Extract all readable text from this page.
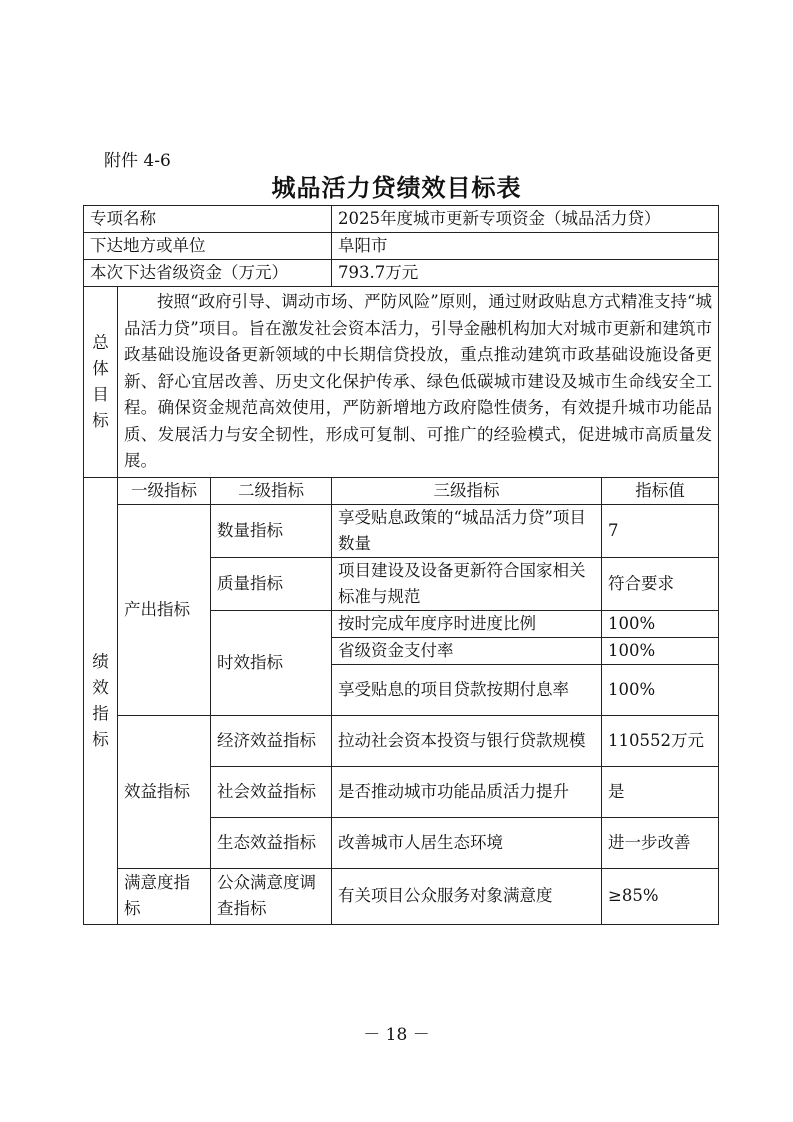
附件 4-6
城品活力贷绩效目标表
专项名称			2025年度城市更新专项资金（城品活力贷）	
下达地方或单位			阜阳市	
本次下达省级资金（万元）			793.7万元	

总体目标	按照“政府引导、调动市场、严防风险”原则，通过财政贴息方式精准支持“城品活力贷”项目。旨在激发社会资本活力，引导金融机构加大对城市更新和建筑市政基础设施设备更新领域的中长期信贷投放，重点推动建筑市政基础设施设备更新、舒心宜居改善、历史文化保护传承、绿色低碳城市建设及城市生命线安全工程。确保资金规范高效使用，严防新增地方政府隐性债务，有效提升城市功能品质、发展活力与安全韧性，形成可复制、可推广的经验模式，促进城市高质量发展。			

绩效指标	一级指标	二级指标	三级指标	指标值
	产出指标	数量指标	享受贴息政策的“城品活力贷”项目数量	7
		质量指标	项目建设及设备更新符合国家相关标准与规范	符合要求
		时效指标	按时完成年度序时进度比例	100%
			省级资金支付率	100%
			享受贴息的项目贷款按期付息率	100%
	效益指标	经济效益指标	拉动社会资本投资与银行贷款规模	110552万元
		社会效益指标	是否推动城市功能品质活力提升	是
		生态效益指标	改善城市人居生态环境	进一步改善
	满意度指标	公众满意度调查指标	有关项目公众服务对象满意度	≥85%
－ 18 －
